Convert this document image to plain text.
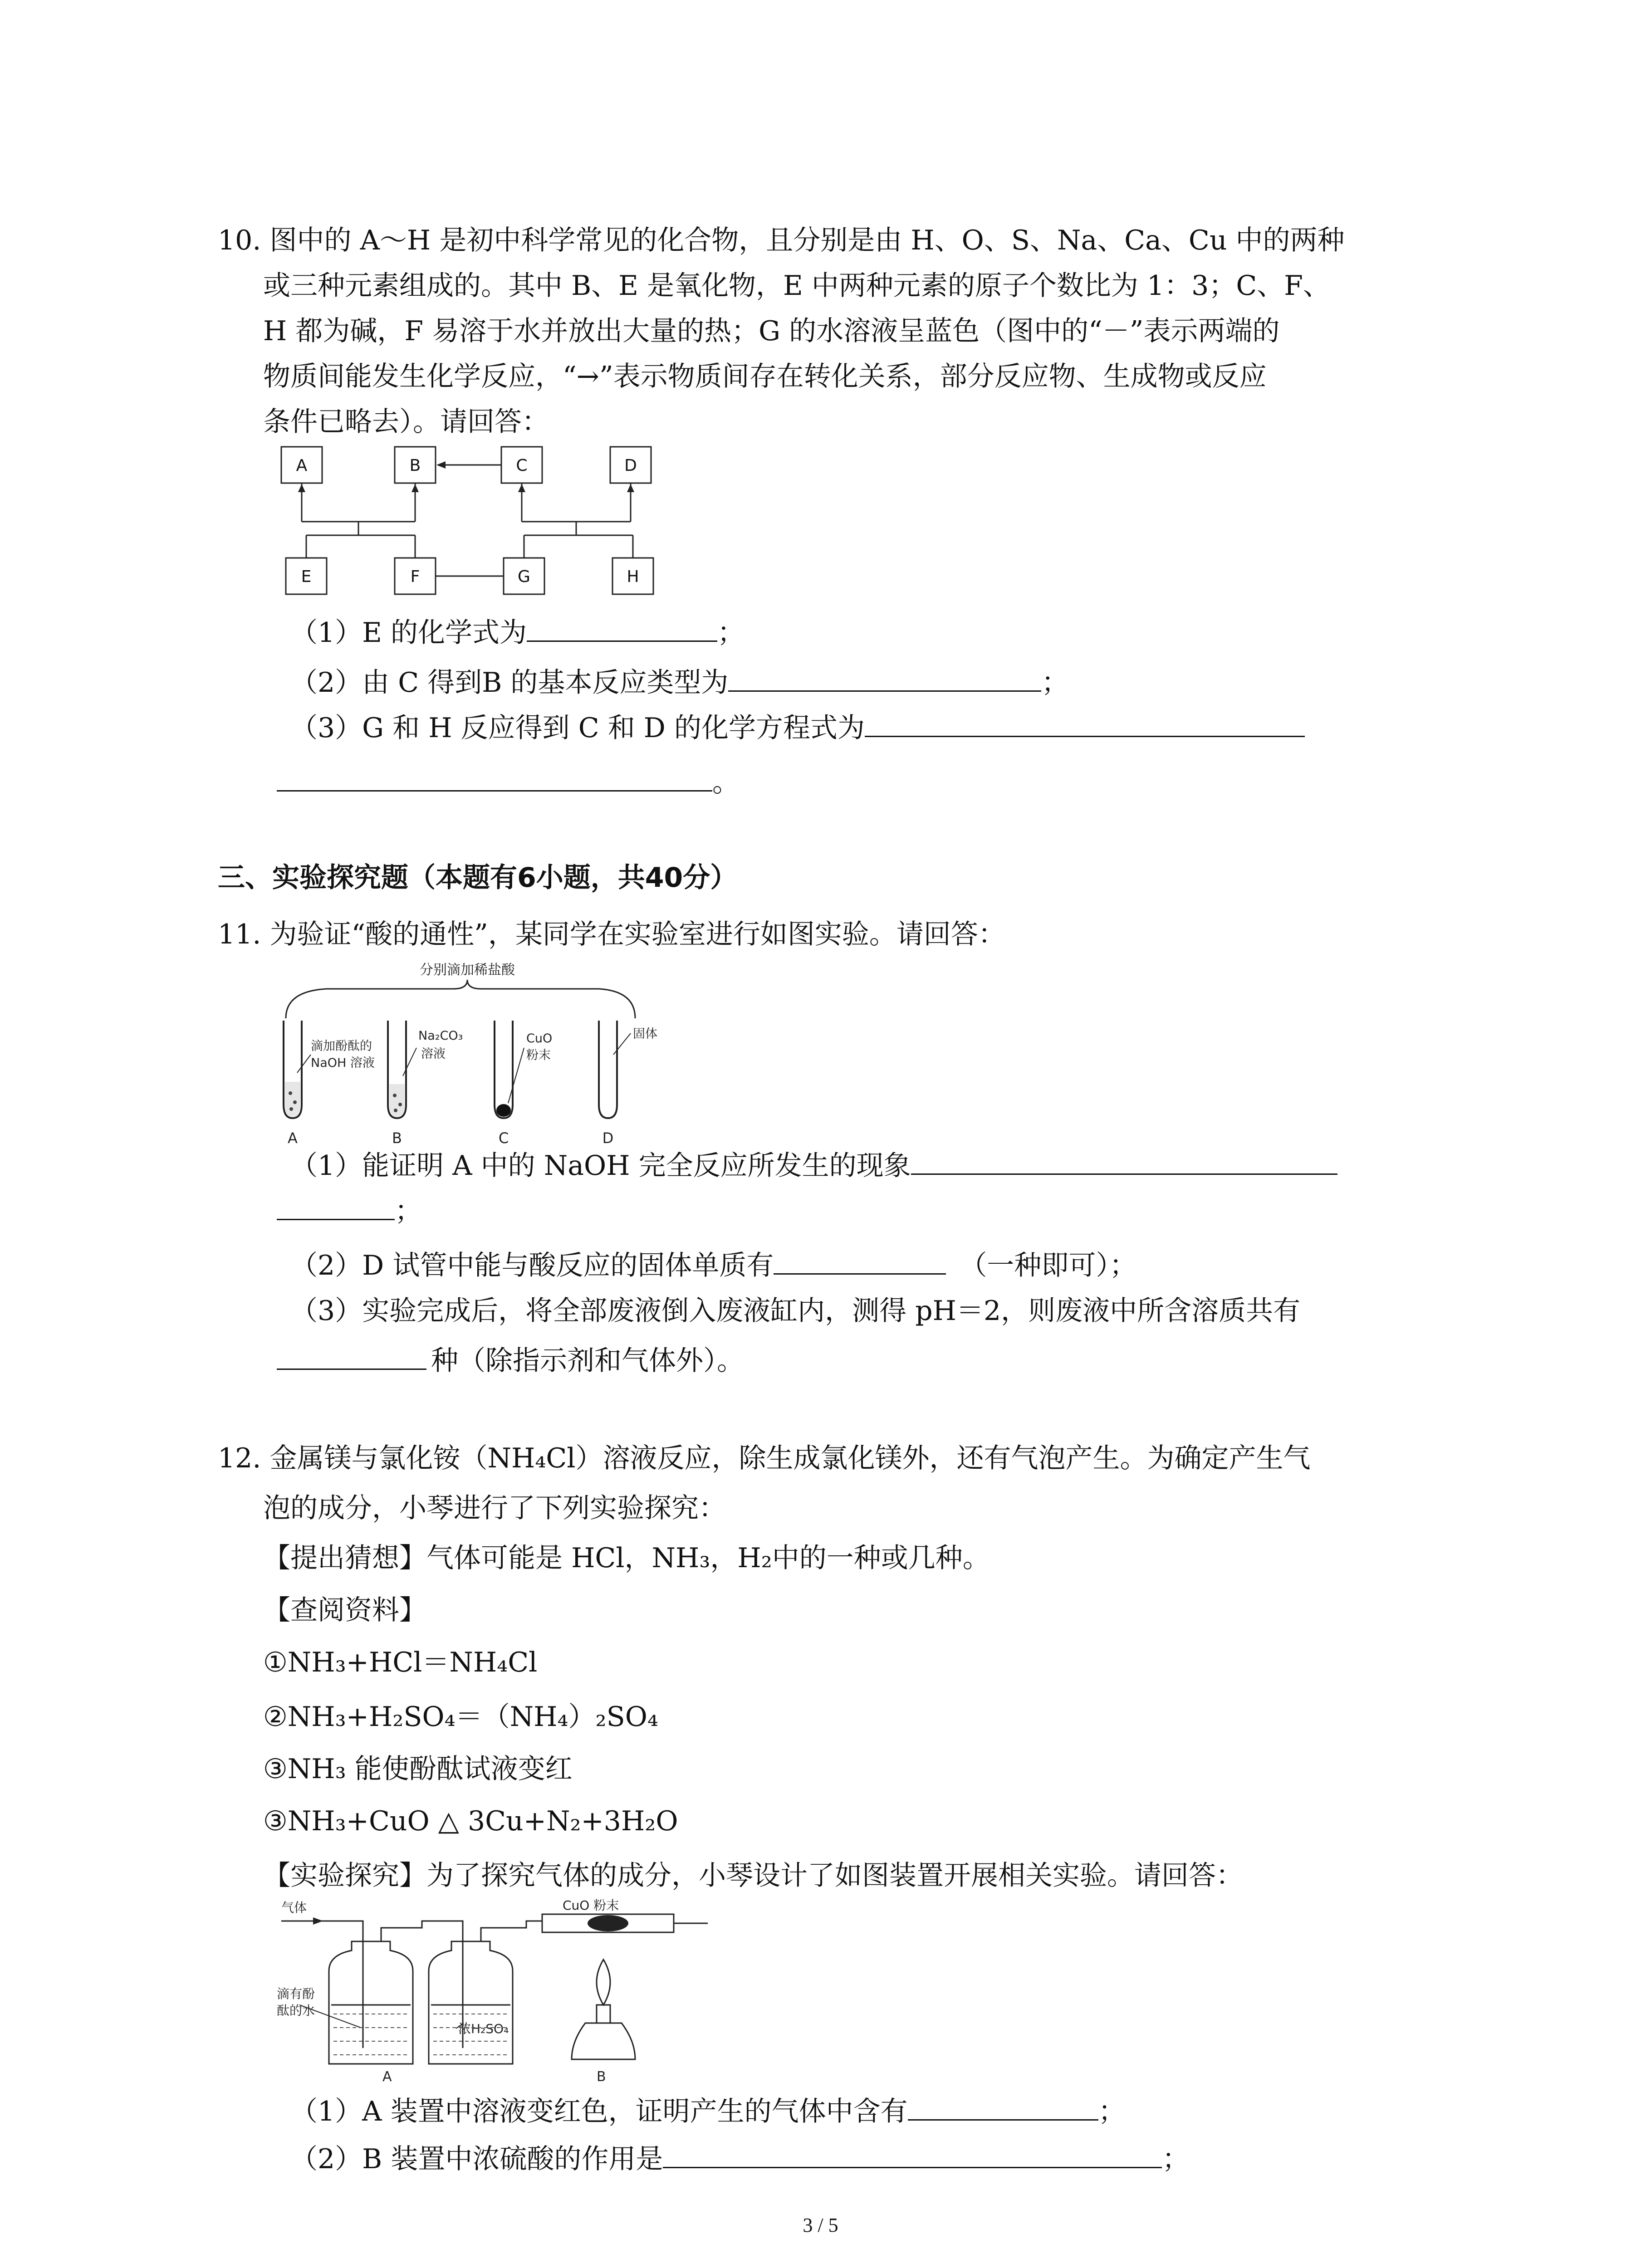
10. 图中的 A～H 是初中科学常见的化合物，且分别是由 H、O、S、Na、Ca、Cu 中的两种
或三种元素组成的。其中 B、E 是氧化物，E 中两种元素的原子个数比为 1：3；C、F、
H 都为碱，F 易溶于水并放出大量的热；G 的水溶液呈蓝色（图中的“－”表示两端的
物质间能发生化学反应，“→”表示物质间存在转化关系，部分反应物、生成物或反应
条件已略去）。请回答：
A	B	C	D
E	F	G	H
（1）E 的化学式为	；
（2）由 C 得到B 的基本反应类型为	；
（3）G 和 H 反应得到 C 和 D 的化学方程式为
。
三、实验探究题（本题有6小题，共40分）
11. 为验证“酸的通性”，某同学在实验室进行如图实验。请回答：
分别滴加稀盐酸
滴加酚酞的
NaOH 溶液
Na₂CO₃
溶液
CuO
粉末
固体
A	B	C	D
（1）能证明 A 中的 NaOH 完全反应所发生的现象
；
（2）D 试管中能与酸反应的固体单质有	（一种即可）；
（3）实验完成后，将全部废液倒入废液缸内，测得 pH＝2，则废液中所含溶质共有
种（除指示剂和气体外）。
12. 金属镁与氯化铵（NH₄Cl）溶液反应，除生成氯化镁外，还有气泡产生。为确定产生气
泡的成分，小琴进行了下列实验探究：
【提出猜想】气体可能是 HCl，NH₃，H₂中的一种或几种。
【查阅资料】
①NH₃+HCl＝NH₄Cl
②NH₃+H₂SO₄＝（NH₄）₂SO₄
③NH₃ 能使酚酞试液变红
③NH₃+CuO △ 3Cu+N₂+3H₂O
【实验探究】为了探究气体的成分，小琴设计了如图装置开展相关实验。请回答：
气体	CuO 粉末
滴有酚
酞的水
浓H₂SO₄
A	B
（1）A 装置中溶液变红色，证明产生的气体中含有	；
（2）B 装置中浓硫酸的作用是	；
3 / 5
